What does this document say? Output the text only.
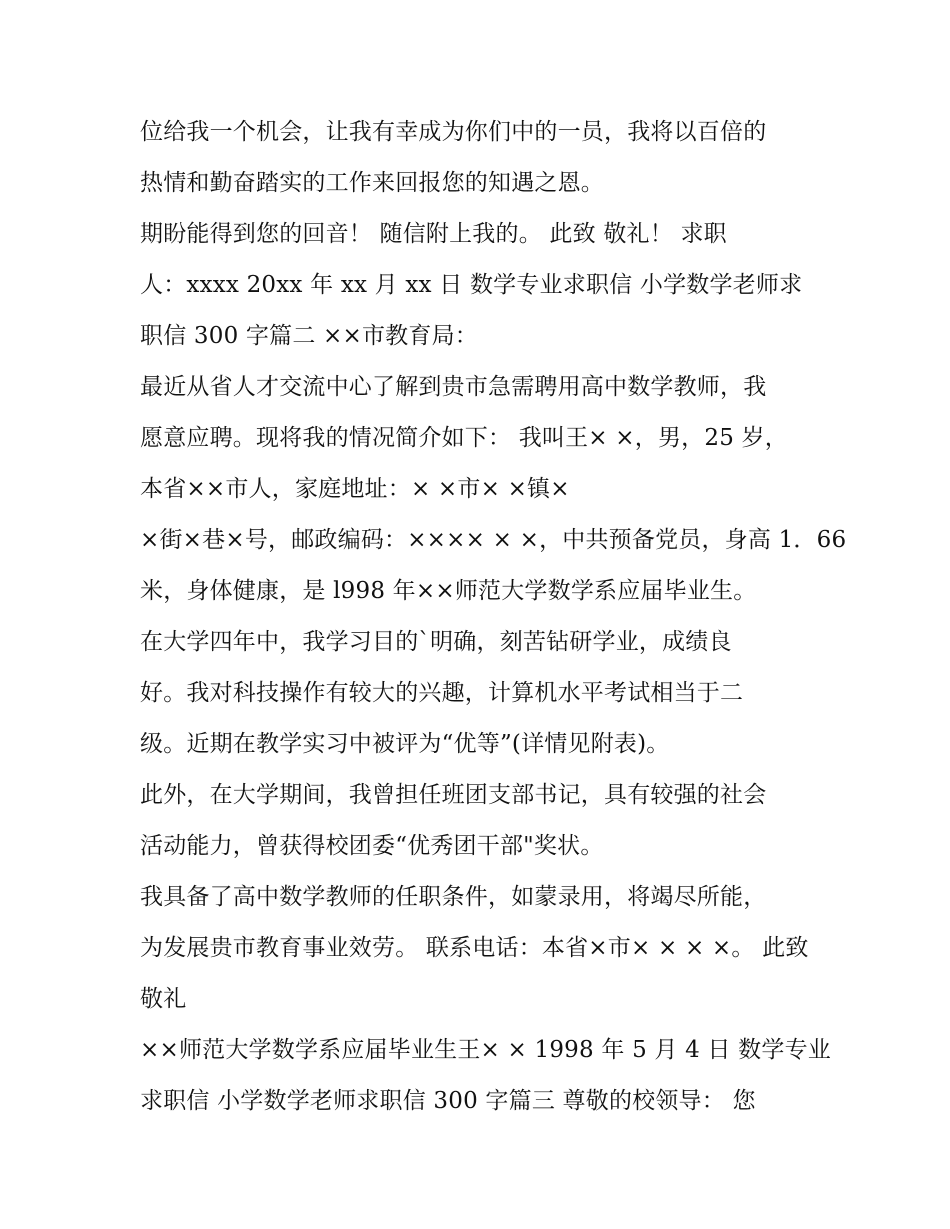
位给我一个机会，让我有幸成为你们中的一员，我将以百倍的
热情和勤奋踏实的工作来回报您的知遇之恩。
期盼能得到您的回音！ 随信附上我的。 此致 敬礼！ 求职
人：xxxx 20xx 年 xx 月 xx 日 数学专业求职信 小学数学老师求
职信 300 字篇二 ××市教育局：
最近从省人才交流中心了解到贵市急需聘用高中数学教师，我
愿意应聘。现将我的情况简介如下： 我叫王× ×，男，25 岁，
本省××市人，家庭地址：× ×市× ×镇×
×街×巷×号，邮政编码：×××× × ×，中共预备党员，身高 1．66
米，身体健康，是 l998 年××师范大学数学系应届毕业生。
在大学四年中，我学习目的`明确，刻苦钻研学业，成绩良
好。我对科技操作有较大的兴趣，计算机水平考试相当于二
级。近期在教学实习中被评为“优等”(详情见附表)。
此外，在大学期间，我曾担任班团支部书记，具有较强的社会
活动能力，曾获得校团委“优秀团干部"奖状。
我具备了高中数学教师的任职条件，如蒙录用，将竭尽所能，
为发展贵市教育事业效劳。 联系电话：本省×市× × × ×。 此致
敬礼
××师范大学数学系应届毕业生王× × 1998 年 5 月 4 日 数学专业
求职信 小学数学老师求职信 300 字篇三 尊敬的校领导： 您
